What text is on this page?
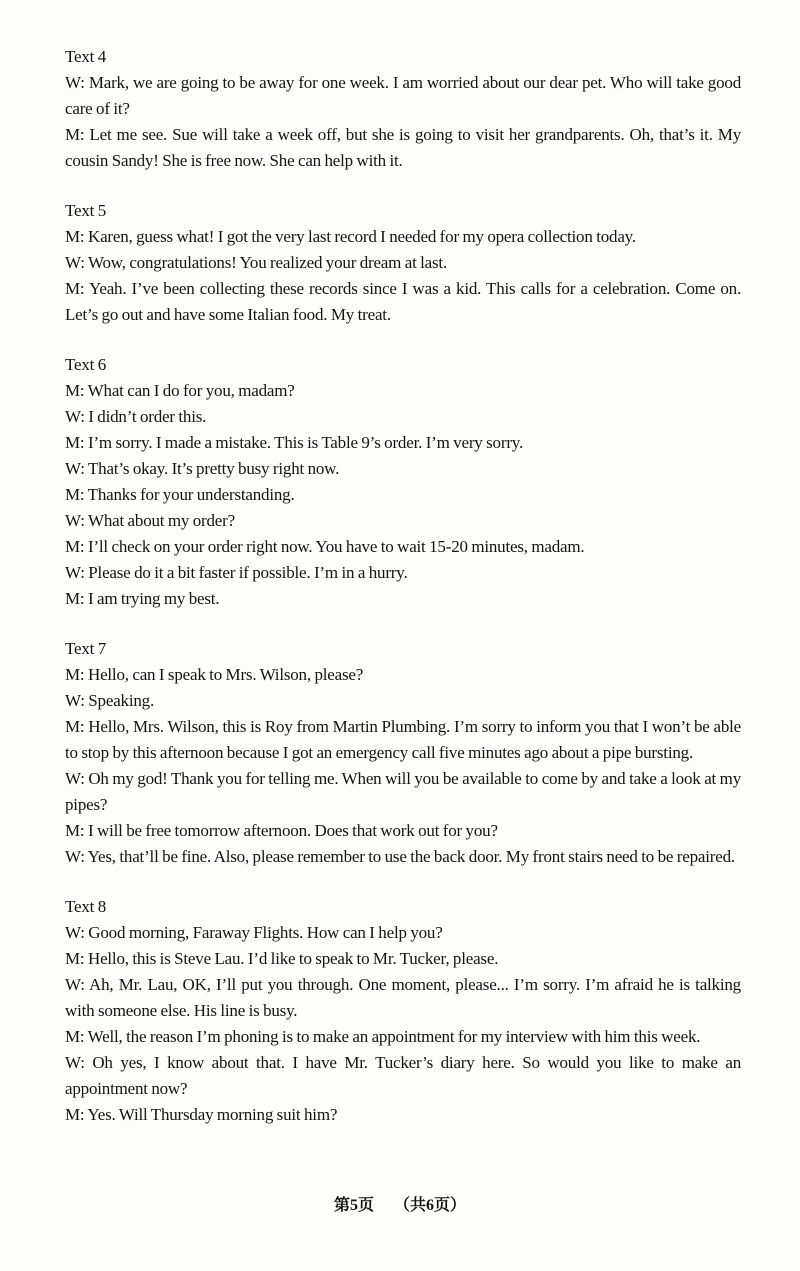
Text 4

W: Mark, we are going to be away for one week. I am worried about our dear pet. Who will take good care of it?

M: Let me see. Sue will take a week off, but she is going to visit her grandparents. Oh, that’s it. My cousin Sandy! She is free now. She can help with it.

Text 5

M: Karen, guess what! I got the very last record I needed for my opera collection today.

W: Wow, congratulations! You realized your dream at last.

M: Yeah. I’ve been collecting these records since I was a kid. This calls for a celebration. Come on. Let’s go out and have some Italian food. My treat.

Text 6

M: What can I do for you, madam?

W: I didn’t order this.

M: I’m sorry. I made a mistake. This is Table 9’s order. I’m very sorry.

W: That’s okay. It’s pretty busy right now.

M: Thanks for your understanding.

W: What about my order?

M: I’ll check on your order right now. You have to wait 15-20 minutes, madam.

W: Please do it a bit faster if possible. I’m in a hurry.

M: I am trying my best.

Text 7

M: Hello, can I speak to Mrs. Wilson, please?

W: Speaking.

M: Hello, Mrs. Wilson, this is Roy from Martin Plumbing. I’m sorry to inform you that I won’t be able to stop by this afternoon because I got an emergency call five minutes ago about a pipe bursting.

W: Oh my god! Thank you for telling me. When will you be available to come by and take a look at my pipes?

M: I will be free tomorrow afternoon. Does that work out for you?

W: Yes, that’ll be fine. Also, please remember to use the back door. My front stairs need to be repaired.

Text 8

W: Good morning, Faraway Flights. How can I help you?

M: Hello, this is Steve Lau. I’d like to speak to Mr. Tucker, please.

W: Ah, Mr. Lau, OK, I’ll put you through. One moment, please... I’m sorry. I’m afraid he is talking with someone else. His line is busy.

M: Well, the reason I’m phoning is to make an appointment for my interview with him this week.

W: Oh yes, I know about that. I have Mr. Tucker’s diary here. So would you like to make an appointment now?

M: Yes. Will Thursday morning suit him?

第5页 （共6页）
